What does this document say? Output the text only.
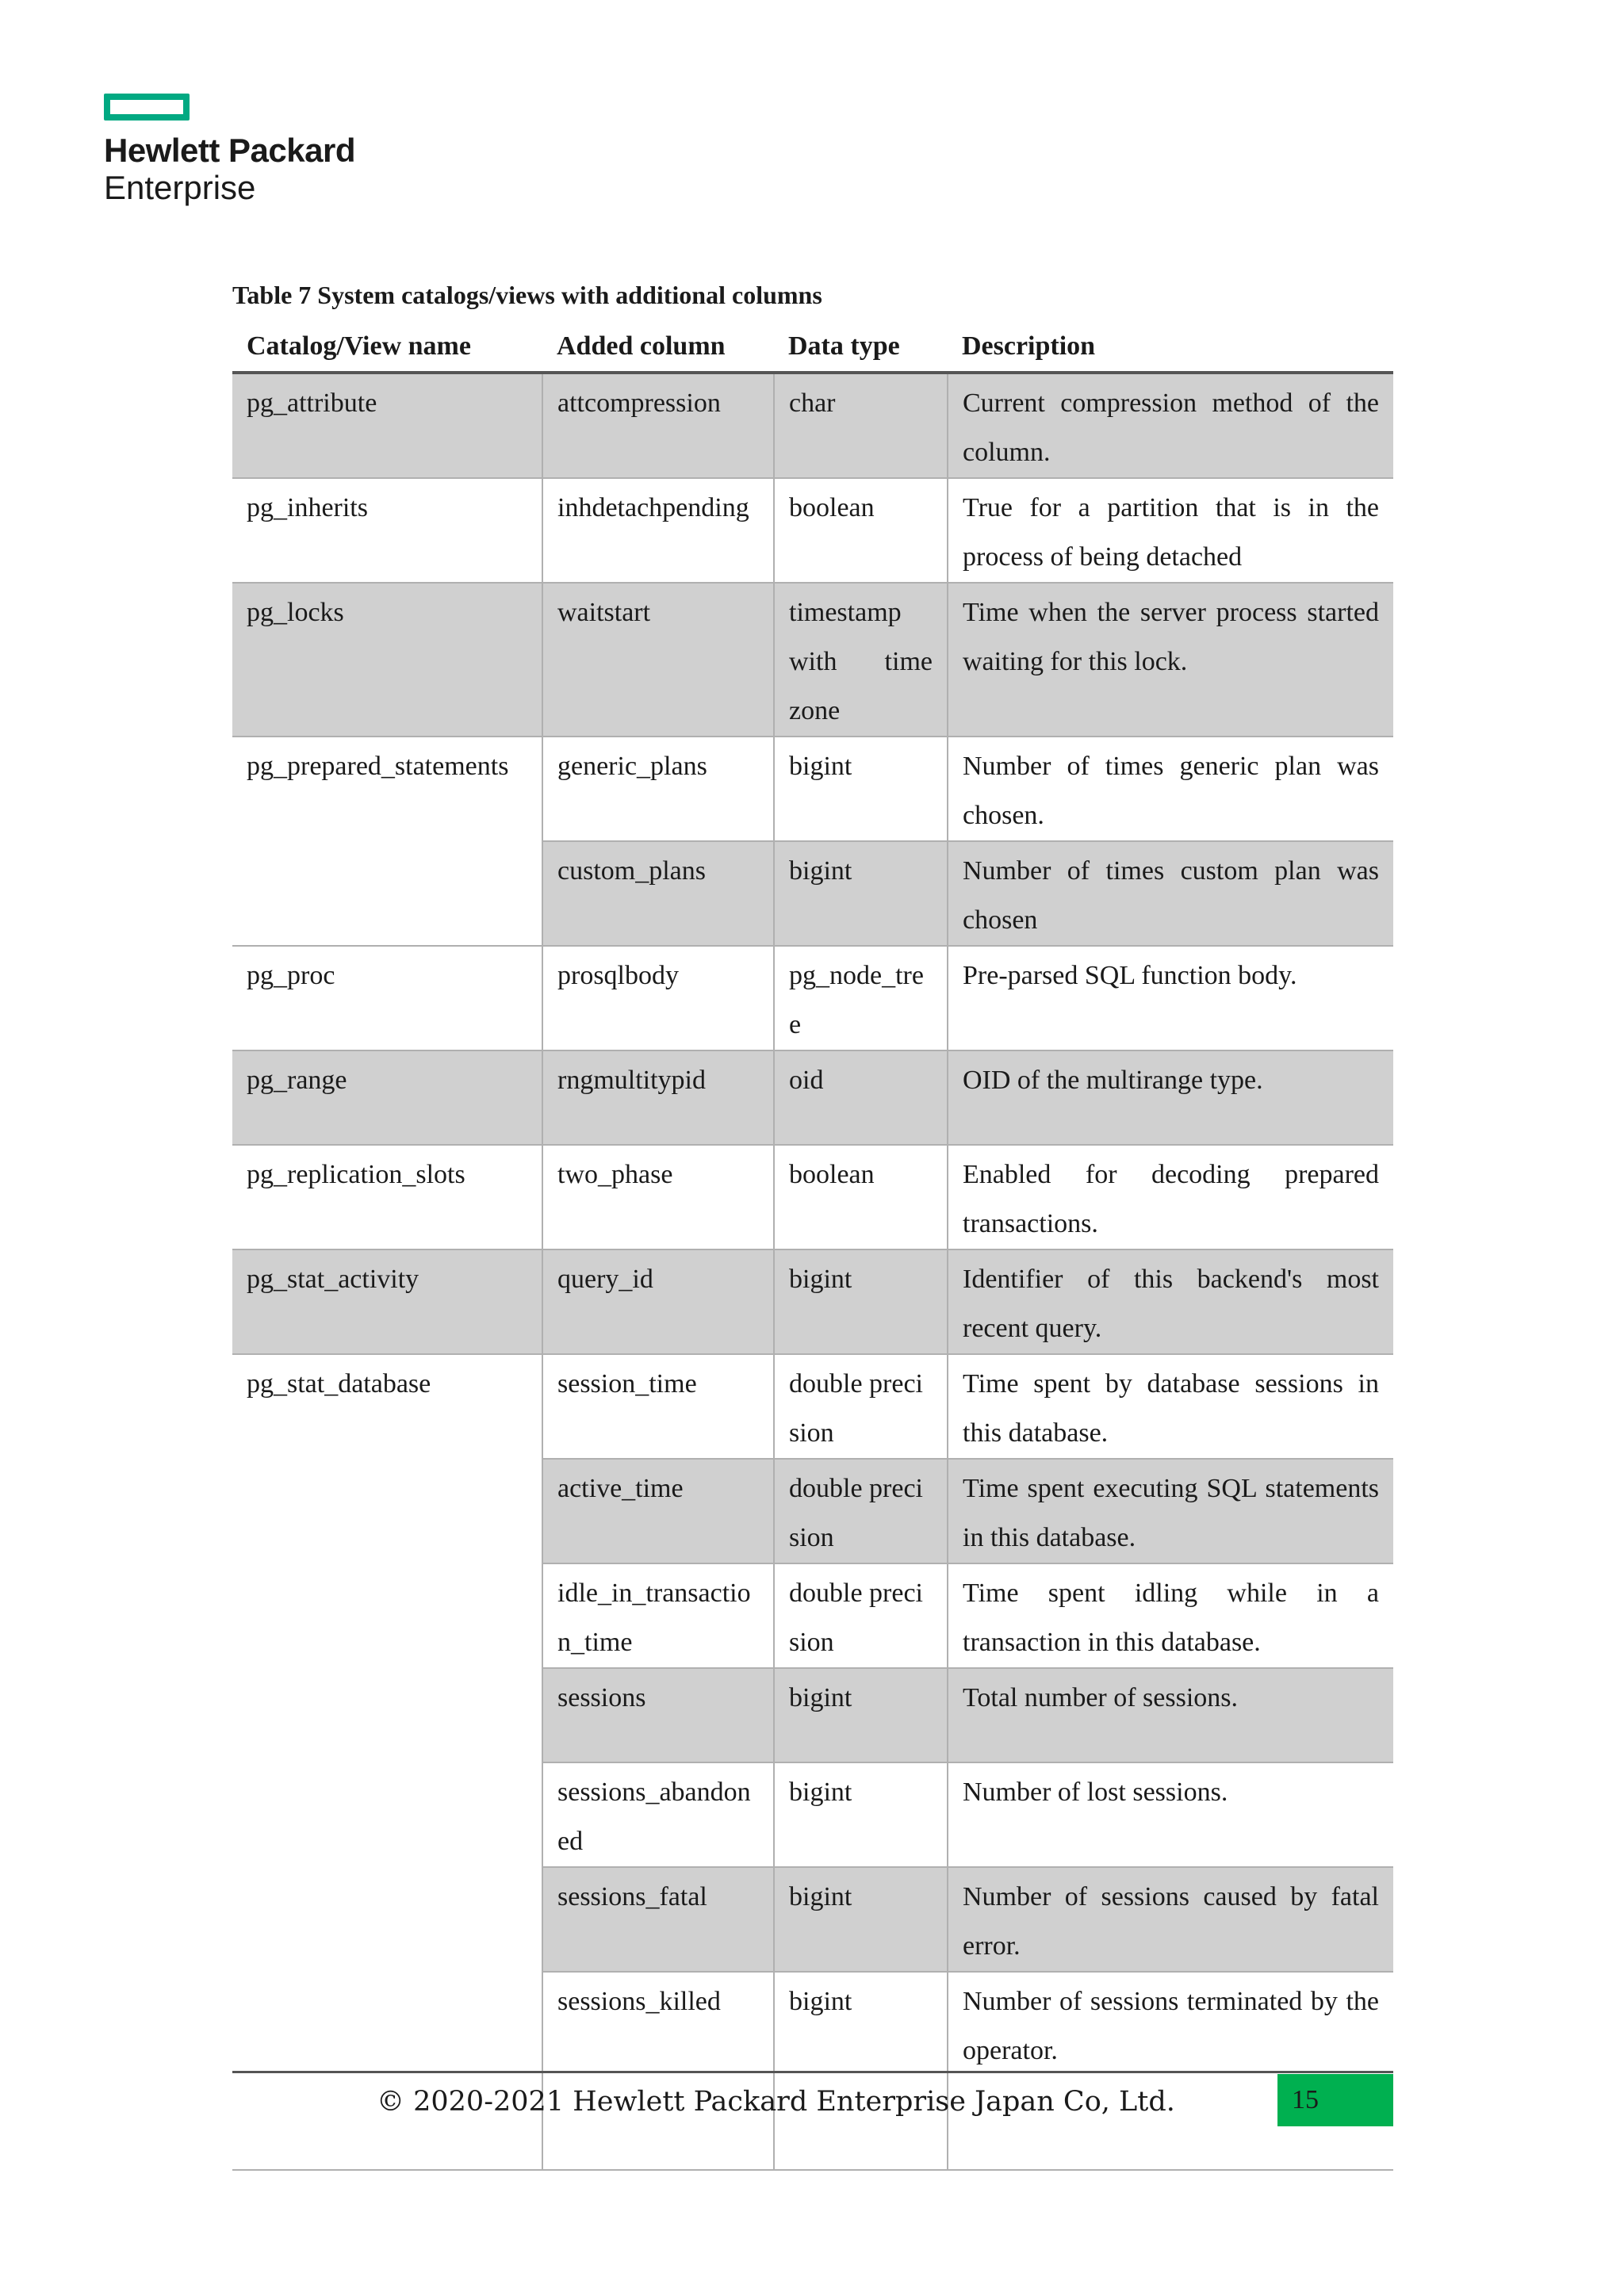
Hewlett Packard
Enterprise
Table 7 System catalogs/views with additional columns
Catalog/View name	Added column	Data type	Description
pg_attribute	attcompression	char	Current compression method of the column.
pg_inherits	inhdetachpending	boolean	True for a partition that is in the process of being detached
pg_locks	waitstart	timestamp with time zone	Time when the server process started waiting for this lock.
pg_prepared_statements	generic_plans	bigint	Number of times generic plan was chosen.
	custom_plans	bigint	Number of times custom plan was chosen
pg_proc	prosqlbody	pg_node_tree	Pre-parsed SQL function body.
pg_range	rngmultitypid	oid	OID of the multirange type.
pg_replication_slots	two_phase	boolean	Enabled for decoding prepared transactions.
pg_stat_activity	query_id	bigint	Identifier of this backend's most recent query.
pg_stat_database	session_time	double precision	Time spent by database sessions in this database.
	active_time	double precision	Time spent executing SQL statements in this database.
	idle_in_transaction_time	double precision	Time spent idling while in a transaction in this database.
	sessions	bigint	Total number of sessions.
	sessions_abandoned	bigint	Number of lost sessions.
	sessions_fatal	bigint	Number of sessions caused by fatal error.
	sessions_killed	bigint	Number of sessions terminated by the operator.
© 2020-2021 Hewlett Packard Enterprise Japan Co, Ltd.	15
